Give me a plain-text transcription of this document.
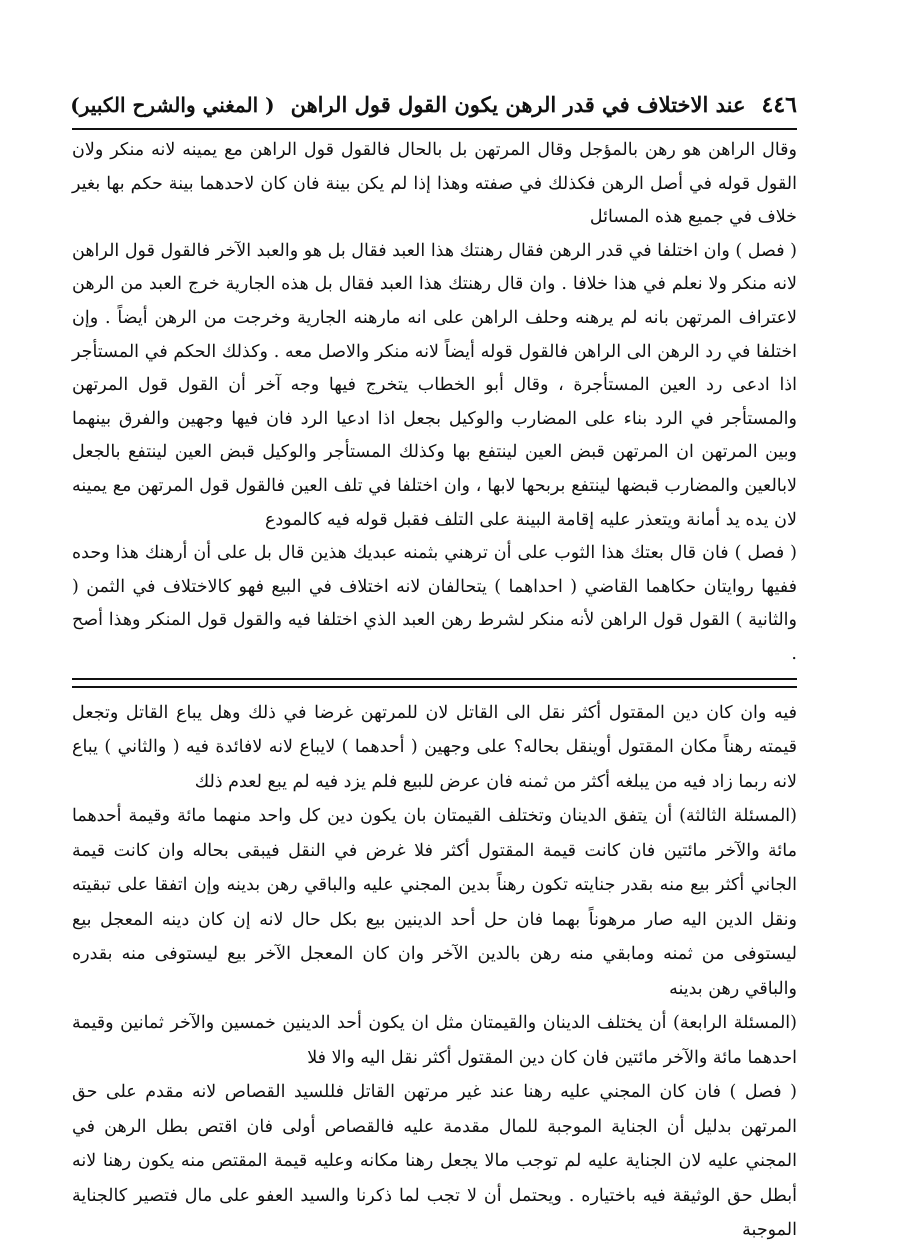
٤٤٦
عند الاختلاف في قدر الرهن يكون القول قول الراهن
( المغني والشرح الكبير)

وقال الراهن هو رهن بالمؤجل وقال المرتهن بل بالحال فالقول قول الراهن مع يمينه لانه منكر ولان القول قوله في أصل الرهن فكذلك في صفته وهذا إذا لم يكن بينة فان كان لاحدهما بينة حكم بها بغير خلاف في جميع هذه المسائل

( فصل ) وان اختلفا في قدر الرهن فقال رهنتك هذا العبد فقال بل هو والعبد الآخر فالقول قول الراهن لانه منكر ولا نعلم في هذا خلافا . وان قال رهنتك هذا العبد فقال بل هذه الجارية خرج العبد من الرهن لاعتراف المرتهن بانه لم يرهنه وحلف الراهن على انه مارهنه الجارية وخرجت من الرهن أيضاً . وإن اختلفا في رد الرهن الى الراهن فالقول قوله أيضاً لانه منكر والاصل معه . وكذلك الحكم في المستأجر اذا ادعى رد العين المستأجرة ، وقال أبو الخطاب يتخرج فيها وجه آخر أن القول قول المرتهن والمستأجر في الرد بناء على المضارب والوكيل بجعل اذا ادعيا الرد فان فيها وجهين والفرق بينهما وبين المرتهن ان المرتهن قبض العين لينتفع بها وكذلك المستأجر والوكيل قبض العين لينتفع بالجعل لابالعين والمضارب قبضها لينتفع بربحها لابها ، وان اختلفا في تلف العين فالقول قول المرتهن مع يمينه لان يده يد أمانة ويتعذر عليه إقامة البينة على التلف فقبل قوله فيه كالمودع

( فصل ) فان قال بعتك هذا الثوب على أن ترهني بثمنه عبديك هذين قال بل على أن أرهنك هذا وحده ففيها روايتان حكاهما القاضي ( احداهما ) يتحالفان لانه اختلاف في البيع فهو كالاختلاف في الثمن ( والثانية ) القول قول الراهن لأنه منكر لشرط رهن العبد الذي اختلفا فيه والقول قول المنكر وهذا أصح .

فيه وان كان دين المقتول أكثر نقل الى القاتل لان للمرتهن غرضا في ذلك وهل يباع القاتل وتجعل قيمته رهناً مكان المقتول أوينقل بحاله؟ على وجهين ( أحدهما ) لايباع لانه لافائدة فيه ( والثاني ) يباع لانه ربما زاد فيه من يبلغه أكثر من ثمنه فان عرض للبيع فلم يزد فيه لم يبع لعدم ذلك

(المسئلة الثالثة) أن يتفق الدينان وتختلف القيمتان بان يكون دين كل واحد منهما مائة وقيمة أحدهما مائة والآخر مائتين فان كانت قيمة المقتول أكثر فلا غرض في النقل فيبقى بحاله وان كانت قيمة الجاني أكثر بيع منه بقدر جنايته تكون رهناً بدين المجني عليه والباقي رهن بدينه وإن اتفقا على تبقيته ونقل الدين اليه صار مرهوناً بهما فان حل أحد الدينين بيع بكل حال لانه إن كان دينه المعجل بيع ليستوفى من ثمنه ومابقي منه رهن بالدين الآخر وان كان المعجل الآخر بيع ليستوفى منه بقدره والباقي رهن بدينه

(المسئلة الرابعة) أن يختلف الدينان والقيمتان مثل ان يكون أحد الدينين خمسين والآخر ثمانين وقيمة احدهما مائة والآخر مائتين فان كان دين المقتول أكثر نقل اليه والا فلا

( فصل ) فان كان المجني عليه رهنا عند غير مرتهن القاتل فللسيد القصاص لانه مقدم على حق المرتهن بدليل أن الجناية الموجبة للمال مقدمة عليه فالقصاص أولى فان اقتص بطل الرهن في المجني عليه لان الجناية عليه لم توجب مالا يجعل رهنا مكانه وعليه قيمة المقتص منه يكون رهنا لانه أبطل حق الوثيقة فيه باختياره . ويحتمل أن لا تجب لما ذكرنا والسيد العفو على مال فتصير كالجناية الموجبة
